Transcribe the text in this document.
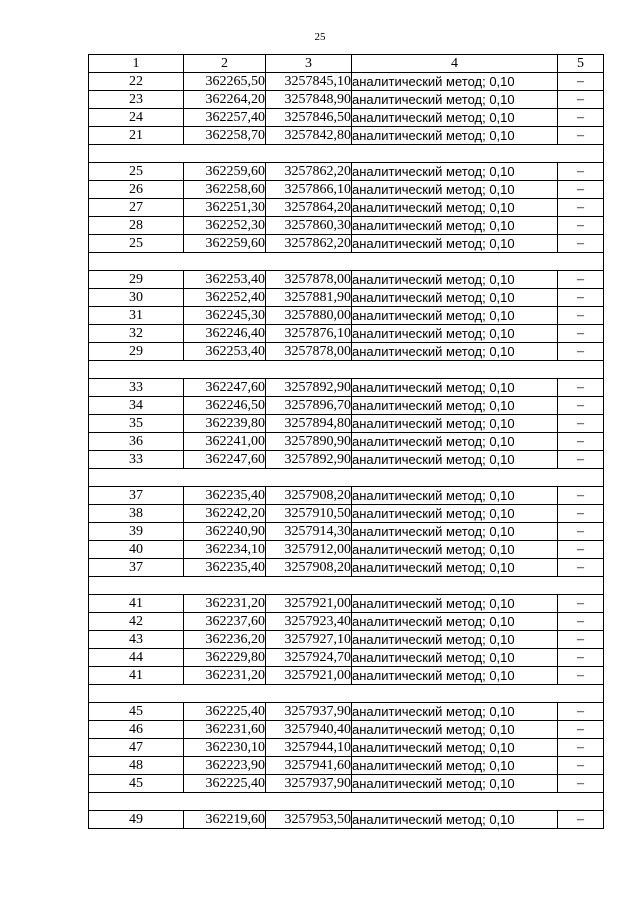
25
1	2	3	4	5
22	362265,50	3257845,10	аналитический метод; 0,10	–
23	362264,20	3257848,90	аналитический метод; 0,10	–
24	362257,40	3257846,50	аналитический метод; 0,10	–
21	362258,70	3257842,80	аналитический метод; 0,10	–

25	362259,60	3257862,20	аналитический метод; 0,10	–
26	362258,60	3257866,10	аналитический метод; 0,10	–
27	362251,30	3257864,20	аналитический метод; 0,10	–
28	362252,30	3257860,30	аналитический метод; 0,10	–
25	362259,60	3257862,20	аналитический метод; 0,10	–

29	362253,40	3257878,00	аналитический метод; 0,10	–
30	362252,40	3257881,90	аналитический метод; 0,10	–
31	362245,30	3257880,00	аналитический метод; 0,10	–
32	362246,40	3257876,10	аналитический метод; 0,10	–
29	362253,40	3257878,00	аналитический метод; 0,10	–

33	362247,60	3257892,90	аналитический метод; 0,10	–
34	362246,50	3257896,70	аналитический метод; 0,10	–
35	362239,80	3257894,80	аналитический метод; 0,10	–
36	362241,00	3257890,90	аналитический метод; 0,10	–
33	362247,60	3257892,90	аналитический метод; 0,10	–

37	362235,40	3257908,20	аналитический метод; 0,10	–
38	362242,20	3257910,50	аналитический метод; 0,10	–
39	362240,90	3257914,30	аналитический метод; 0,10	–
40	362234,10	3257912,00	аналитический метод; 0,10	–
37	362235,40	3257908,20	аналитический метод; 0,10	–

41	362231,20	3257921,00	аналитический метод; 0,10	–
42	362237,60	3257923,40	аналитический метод; 0,10	–
43	362236,20	3257927,10	аналитический метод; 0,10	–
44	362229,80	3257924,70	аналитический метод; 0,10	–
41	362231,20	3257921,00	аналитический метод; 0,10	–

45	362225,40	3257937,90	аналитический метод; 0,10	–
46	362231,60	3257940,40	аналитический метод; 0,10	–
47	362230,10	3257944,10	аналитический метод; 0,10	–
48	362223,90	3257941,60	аналитический метод; 0,10	–
45	362225,40	3257937,90	аналитический метод; 0,10	–

49	362219,60	3257953,50	аналитический метод; 0,10	–
